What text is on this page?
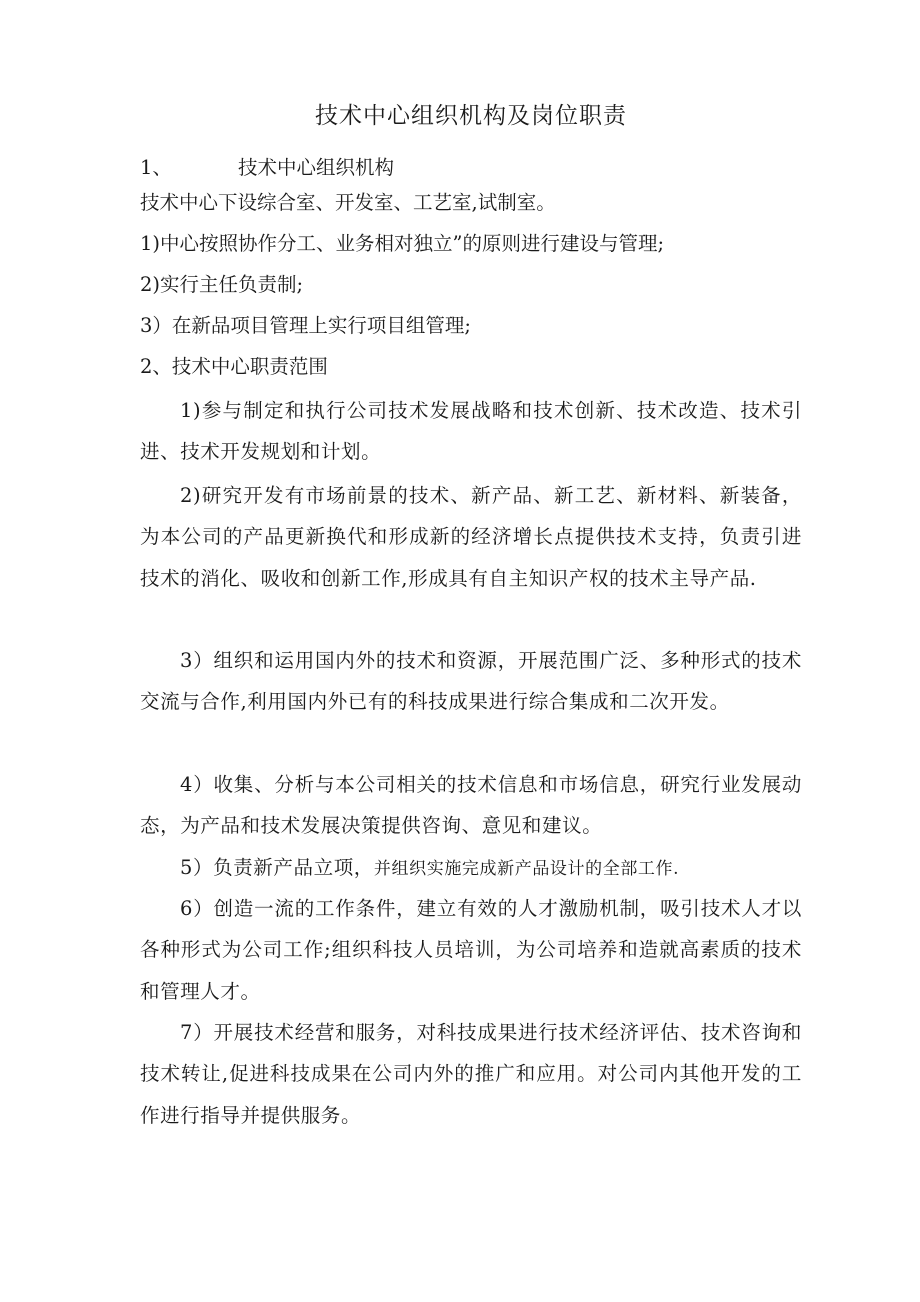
技术中心组织机构及岗位职责
1、	技术中心组织机构
技术中心下设综合室、开发室、工艺室,试制室。
1)中心按照协作分工、业务相对独立”的原则进行建设与管理;
2)实行主任负责制;
3）在新品项目管理上实行项目组管理;
2、技术中心职责范围
1)参与制定和执行公司技术发展战略和技术创新、技术改造、技术引进、技术开发规划和计划。
2)研究开发有市场前景的技术、新产品、新工艺、新材料、新装备，为本公司的产品更新换代和形成新的经济增长点提供技术支持，负责引进技术的消化、吸收和创新工作,形成具有自主知识产权的技术主导产品.
3）组织和运用国内外的技术和资源，开展范围广泛、多种形式的技术交流与合作,利用国内外已有的科技成果进行综合集成和二次开发。
4）收集、分析与本公司相关的技术信息和市场信息，研究行业发展动态，为产品和技术发展决策提供咨询、意见和建议。
5）负责新产品立项，并组织实施完成新产品设计的全部工作.
6）创造一流的工作条件，建立有效的人才激励机制，吸引技术人才以各种形式为公司工作;组织科技人员培训，为公司培养和造就高素质的技术和管理人才。
7）开展技术经营和服务，对科技成果进行技术经济评估、技术咨询和技术转让,促进科技成果在公司内外的推广和应用。对公司内其他开发的工作进行指导并提供服务。
